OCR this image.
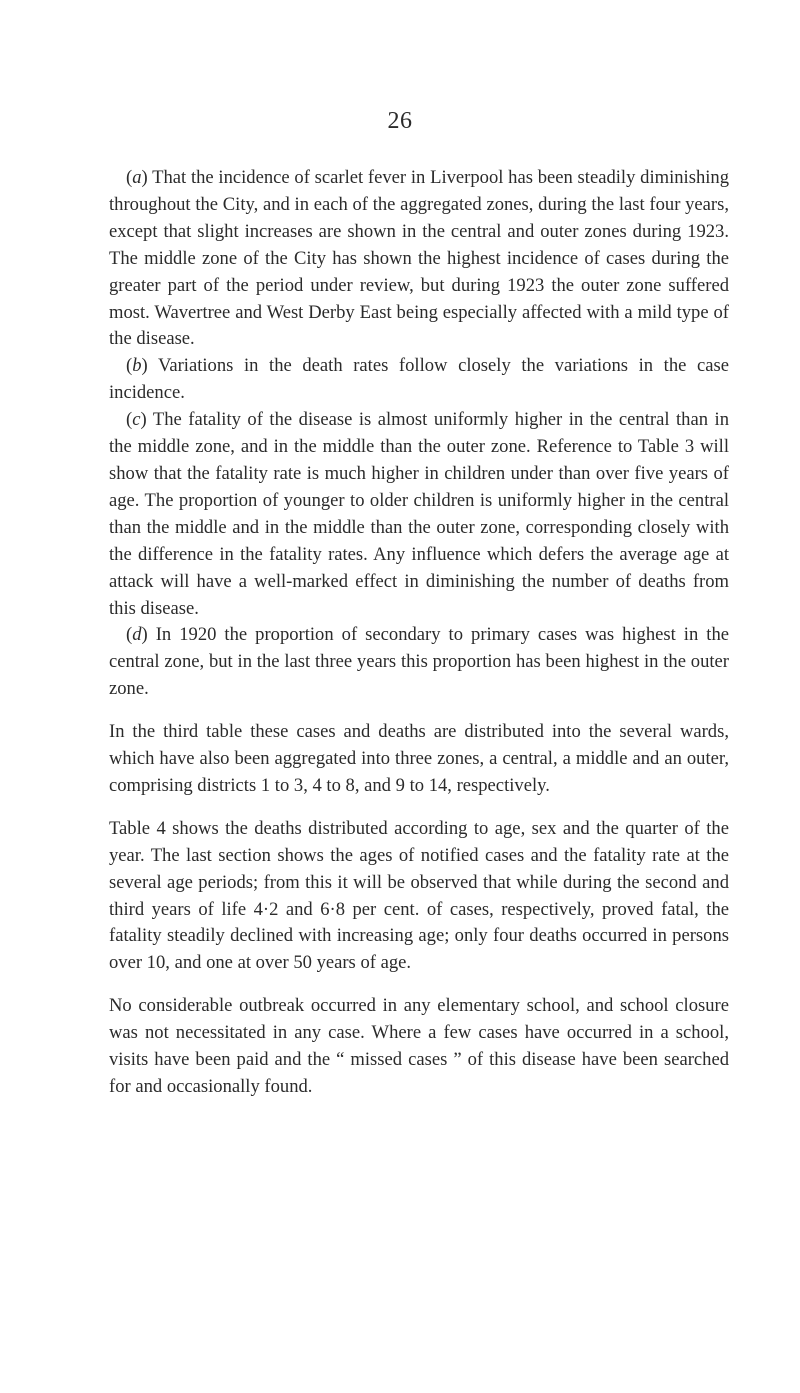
26

(a) That the incidence of scarlet fever in Liverpool has been steadily diminishing throughout the City, and in each of the aggregated zones, during the last four years, except that slight increases are shown in the central and outer zones during 1923. The middle zone of the City has shown the highest incidence of cases during the greater part of the period under review, but during 1923 the outer zone suffered most. Wavertree and West Derby East being especially affected with a mild type of the disease.

(b) Variations in the death rates follow closely the variations in the case incidence.

(c) The fatality of the disease is almost uniformly higher in the central than in the middle zone, and in the middle than the outer zone. Reference to Table 3 will show that the fatality rate is much higher in children under than over five years of age. The proportion of younger to older children is uniformly higher in the central than the middle and in the middle than the outer zone, corresponding closely with the difference in the fatality rates. Any influence which defers the average age at attack will have a well-marked effect in diminishing the number of deaths from this disease.

(d) In 1920 the proportion of secondary to primary cases was highest in the central zone, but in the last three years this proportion has been highest in the outer zone.

In the third table these cases and deaths are distributed into the several wards, which have also been aggregated into three zones, a central, a middle and an outer, comprising districts 1 to 3, 4 to 8, and 9 to 14, respectively.

Table 4 shows the deaths distributed according to age, sex and the quarter of the year. The last section shows the ages of notified cases and the fatality rate at the several age periods; from this it will be observed that while during the second and third years of life 4·2 and 6·8 per cent. of cases, respectively, proved fatal, the fatality steadily declined with increasing age; only four deaths occurred in persons over 10, and one at over 50 years of age.

No considerable outbreak occurred in any elementary school, and school closure was not necessitated in any case. Where a few cases have occurred in a school, visits have been paid and the “ missed cases ” of this disease have been searched for and occasionally found.
